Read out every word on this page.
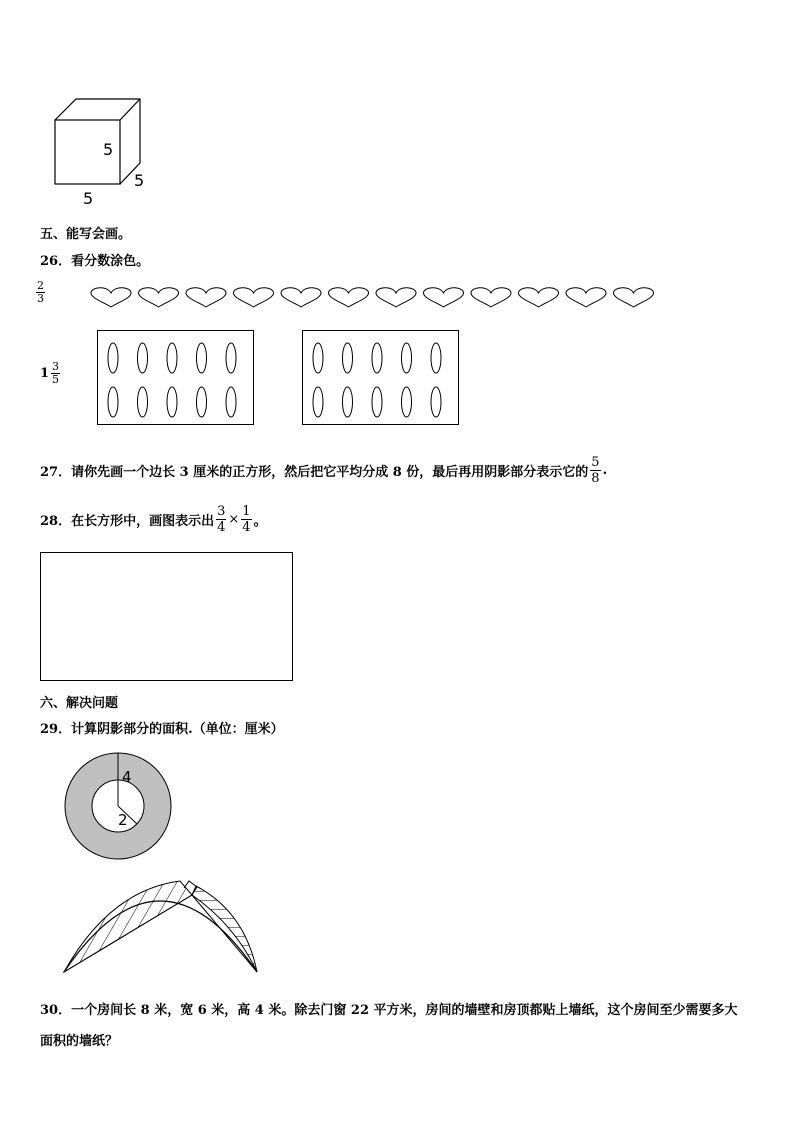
5
5
5
五、能写会画。
26．看分数涂色。
$\frac{2}{3}$
$1 \frac{3}{5}$
27．请你先画一个边长 3 厘米的正方形，然后把它平均分成 8 份，最后再用阴影部分表示它的 $\frac{5}{8}$ .
28．在长方形中，画图表示出 $\frac{3}{4} \times \frac{1}{4}$ 。
六、解决问题
29．计算阴影部分的面积.（单位：厘米）
4
2
30．一个房间长 8 米，宽 6 米，高 4 米。除去门窗 22 平方米，房间的墙壁和房顶都贴上墙纸，这个房间至少需要多大
面积的墙纸？
